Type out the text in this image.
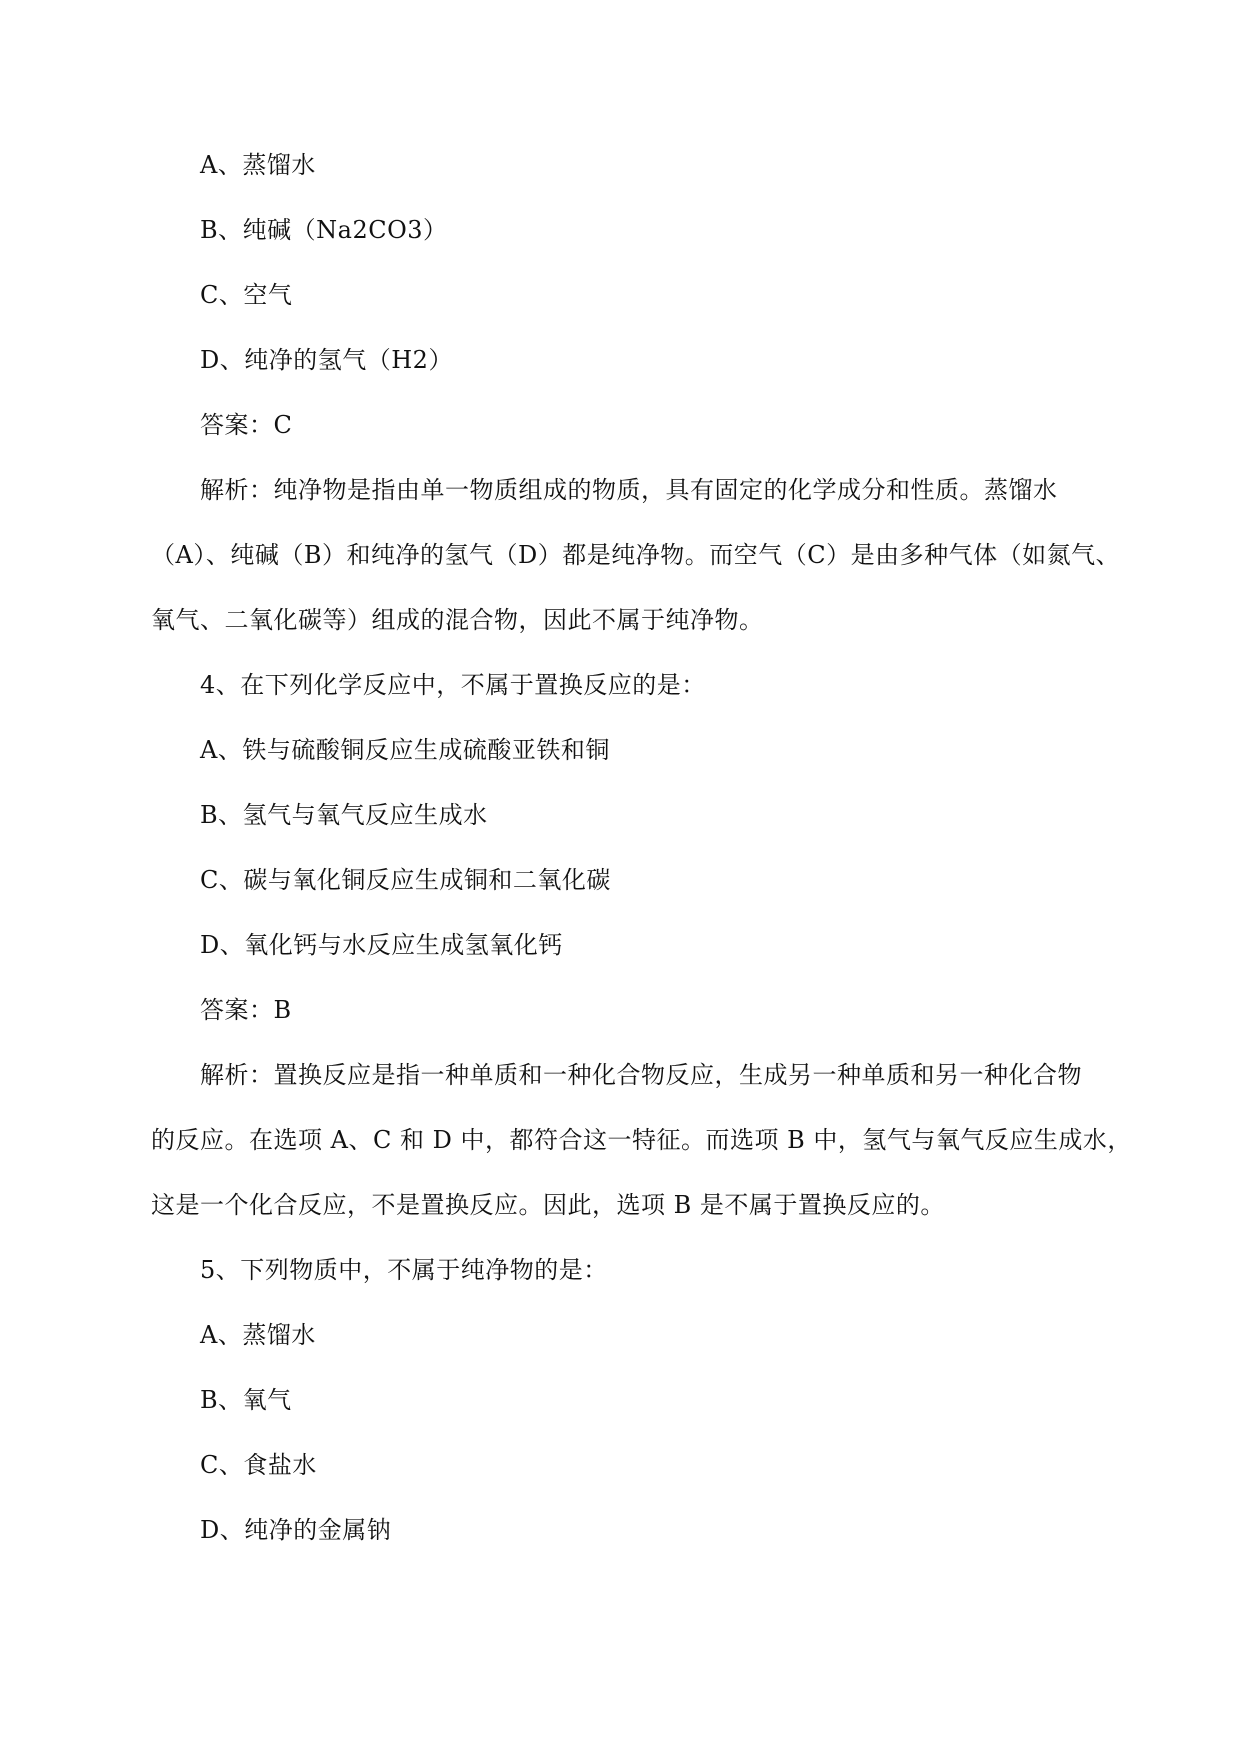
A、蒸馏水
B、纯碱（Na2CO3）
C、空气
D、纯净的氢气（H2）
答案：C
解析：纯净物是指由单一物质组成的物质，具有固定的化学成分和性质。蒸馏水
（A）、纯碱（B）和纯净的氢气（D）都是纯净物。而空气（C）是由多种气体（如氮气、
氧气、二氧化碳等）组成的混合物，因此不属于纯净物。
4、在下列化学反应中，不属于置换反应的是：
A、铁与硫酸铜反应生成硫酸亚铁和铜
B、氢气与氧气反应生成水
C、碳与氧化铜反应生成铜和二氧化碳
D、氧化钙与水反应生成氢氧化钙
答案：B
解析：置换反应是指一种单质和一种化合物反应，生成另一种单质和另一种化合物
的反应。在选项 A、C 和 D 中，都符合这一特征。而选项 B 中，氢气与氧气反应生成水，
这是一个化合反应，不是置换反应。因此，选项 B 是不属于置换反应的。
5、下列物质中，不属于纯净物的是：
A、蒸馏水
B、氧气
C、食盐水
D、纯净的金属钠
